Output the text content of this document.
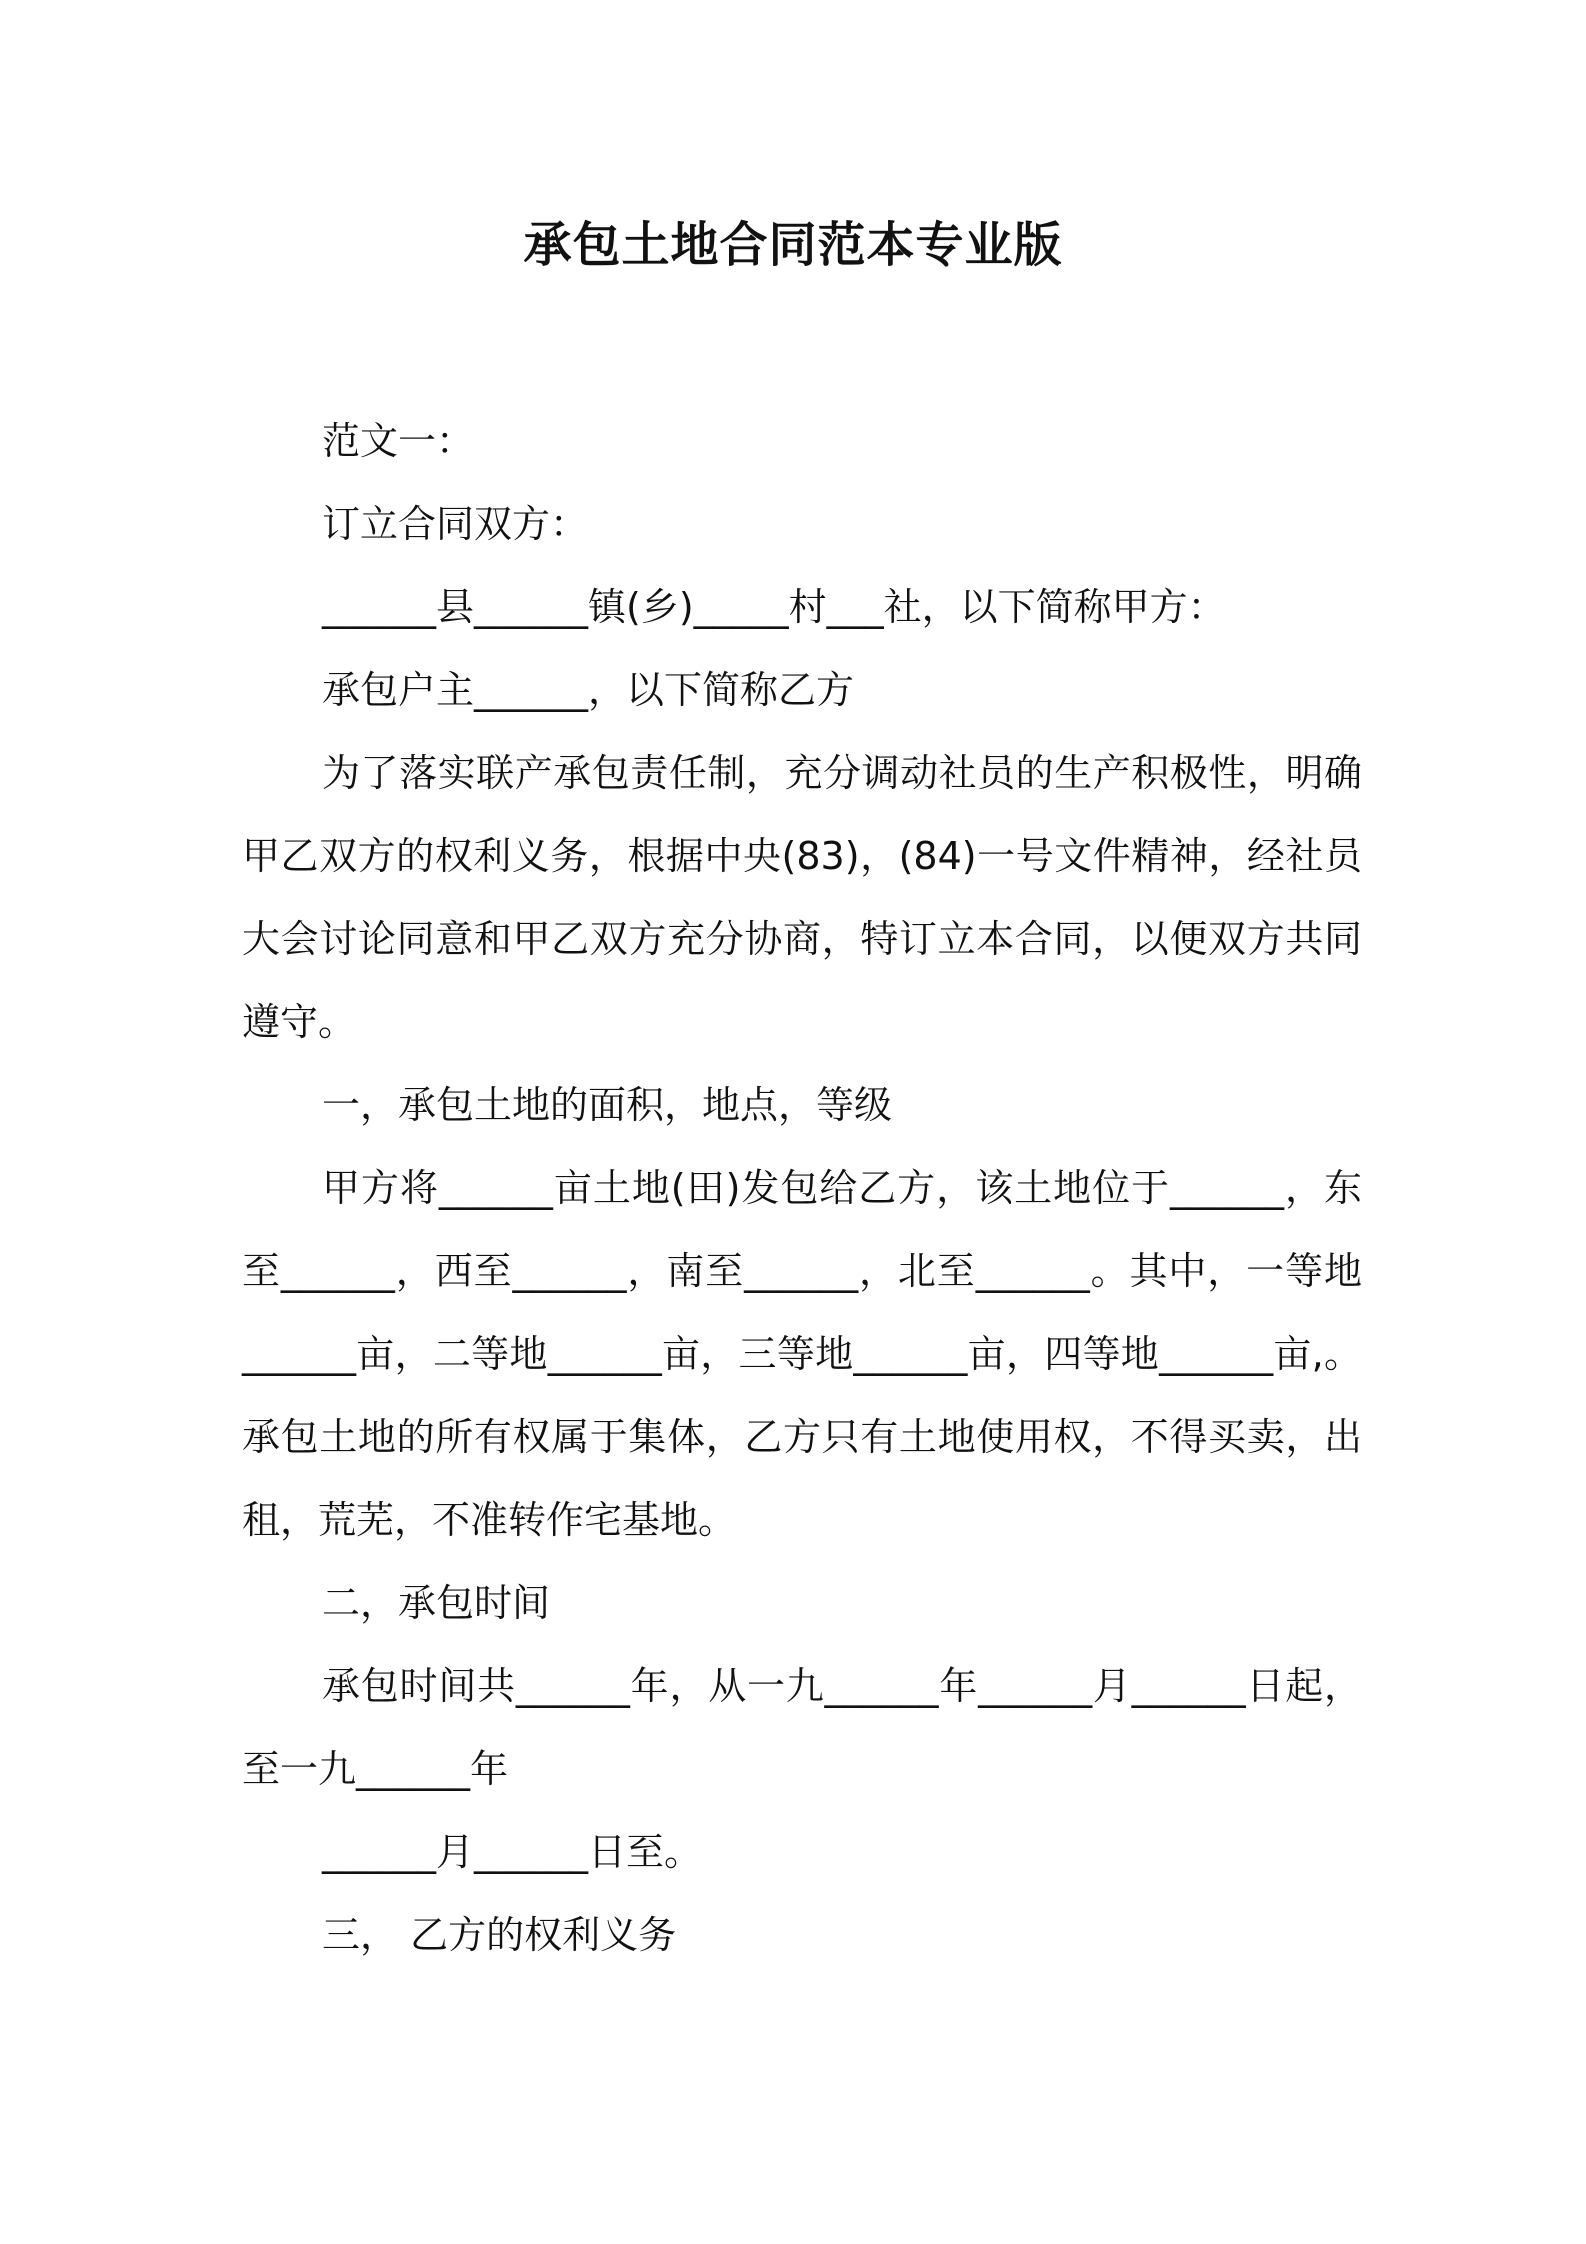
承包土地合同范本专业版

范文一：

订立合同双方：

______县______镇(乡)_____村___社，以下简称甲方：

承包户主______，以下简称乙方

为了落实联产承包责任制，充分调动社员的生产积极性，明确甲乙双方的权利义务，根据中央(83)，(84)一号文件精神，经社员大会讨论同意和甲乙双方充分协商，特订立本合同，以便双方共同遵守。

一，承包土地的面积，地点，等级

甲方将______亩土地(田)发包给乙方，该土地位于______，东至______，西至______，南至______，北至______。其中，一等地______亩，二等地______亩，三等地______亩，四等地______亩,。承包土地的所有权属于集体，乙方只有土地使用权，不得买卖，出租，荒芜，不准转作宅基地。

二，承包时间

承包时间共______年，从一九______年______月______日起，至一九______年

______月______日至。

三， 乙方的权利义务
